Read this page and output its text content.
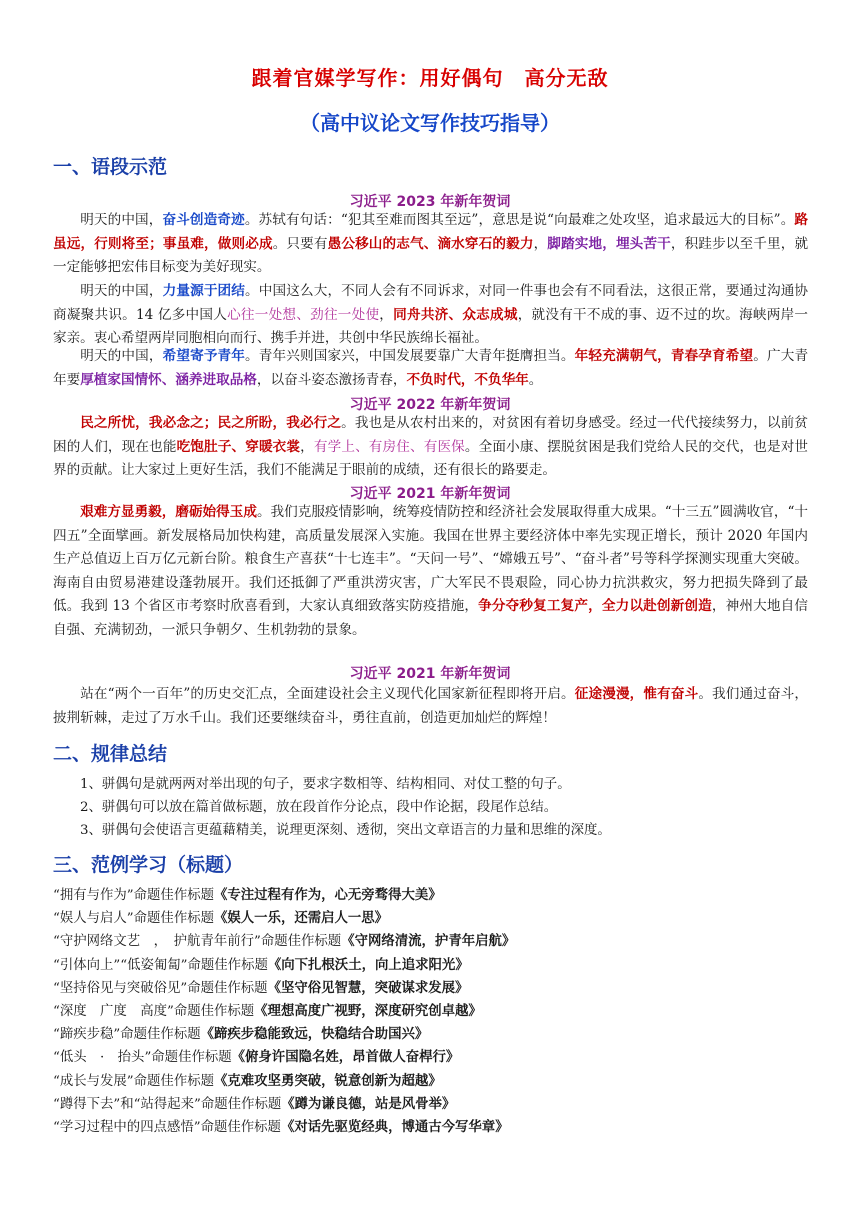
跟着官媒学写作：用好偶句　高分无敌
（高中议论文写作技巧指导）
一、语段示范
习近平 2023 年新年贺词
明天的中国，奋斗创造奇迹。苏轼有句话：“犯其至难而图其至远”，意思是说“向最难之处攻坚，追求最远大的目标”。路虽远，行则将至；事虽难，做则必成。只要有愚公移山的志气、滴水穿石的毅力，脚踏实地，埋头苦干，积跬步以至千里，就一定能够把宏伟目标变为美好现实。
明天的中国，力量源于团结。中国这么大，不同人会有不同诉求，对同一件事也会有不同看法，这很正常，要通过沟通协商凝聚共识。14 亿多中国人心往一处想、劲往一处使，同舟共济、众志成城，就没有干不成的事、迈不过的坎。海峡两岸一家亲。衷心希望两岸同胞相向而行、携手并进，共创中华民族绵长福祉。
明天的中国，希望寄予青年。青年兴则国家兴，中国发展要靠广大青年挺膺担当。年轻充满朝气，青春孕育希望。广大青年要厚植家国情怀、涵养进取品格，以奋斗姿态激扬青春，不负时代，不负华年。
习近平 2022 年新年贺词
民之所忧，我必念之；民之所盼，我必行之。我也是从农村出来的，对贫困有着切身感受。经过一代代接续努力，以前贫困的人们，现在也能吃饱肚子、穿暖衣裳，有学上、有房住、有医保。全面小康、摆脱贫困是我们党给人民的交代，也是对世界的贡献。让大家过上更好生活，我们不能满足于眼前的成绩，还有很长的路要走。
习近平 2021 年新年贺词
艰难方显勇毅，磨砺始得玉成。我们克服疫情影响，统筹疫情防控和经济社会发展取得重大成果。“十三五”圆满收官，“十四五”全面擘画。新发展格局加快构建，高质量发展深入实施。我国在世界主要经济体中率先实现正增长，预计 2020 年国内生产总值迈上百万亿元新台阶。粮食生产喜获“十七连丰”。“天问一号”、“嫦娥五号”、“奋斗者”号等科学探测实现重大突破。海南自由贸易港建设蓬勃展开。我们还抵御了严重洪涝灾害，广大军民不畏艰险，同心协力抗洪救灾，努力把损失降到了最低。我到 13 个省区市考察时欣喜看到，大家认真细致落实防疫措施，争分夺秒复工复产，全力以赴创新创造，神州大地自信自强、充满韧劲，一派只争朝夕、生机勃勃的景象。
习近平 2021 年新年贺词
站在“两个一百年”的历史交汇点，全面建设社会主义现代化国家新征程即将开启。征途漫漫，惟有奋斗。我们通过奋斗，披荆斩棘，走过了万水千山。我们还要继续奋斗，勇往直前，创造更加灿烂的辉煌！
二、规律总结
1、骈偶句是就两两对举出现的句子，要求字数相等、结构相同、对仗工整的句子。
2、骈偶句可以放在篇首做标题，放在段首作分论点，段中作论据，段尾作总结。
3、骈偶句会使语言更蕴藉精美，说理更深刻、透彻，突出文章语言的力量和思维的深度。
三、范例学习（标题）
“拥有与作为”命题佳作标题《专注过程有作为，心无旁骛得大美》
“娱人与启人”命题佳作标题《娱人一乐，还需启人一思》
“守护网络文艺　，　护航青年前行”命题佳作标题《守网络清流，护青年启航》
“引体向上”“低姿匍匐”命题佳作标题《向下扎根沃土，向上追求阳光》
“坚持俗见与突破俗见”命题佳作标题《坚守俗见智慧，突破谋求发展》
“深度　广度　高度”命题佳作标题《理想高度广视野，深度研究创卓越》
“蹄疾步稳”命题佳作标题《蹄疾步稳能致远，快稳结合助国兴》
“低头　·　抬头”命题佳作标题《俯身许国隐名姓，昂首做人奋桿行》
“成长与发展”命题佳作标题《克难攻坚勇突破，锐意创新为超越》
“蹲得下去”和“站得起来”命题佳作标题《蹲为谦良德，站是风骨举》
“学习过程中的四点感悟”命题佳作标题《对话先驱览经典，博通古今写华章》
